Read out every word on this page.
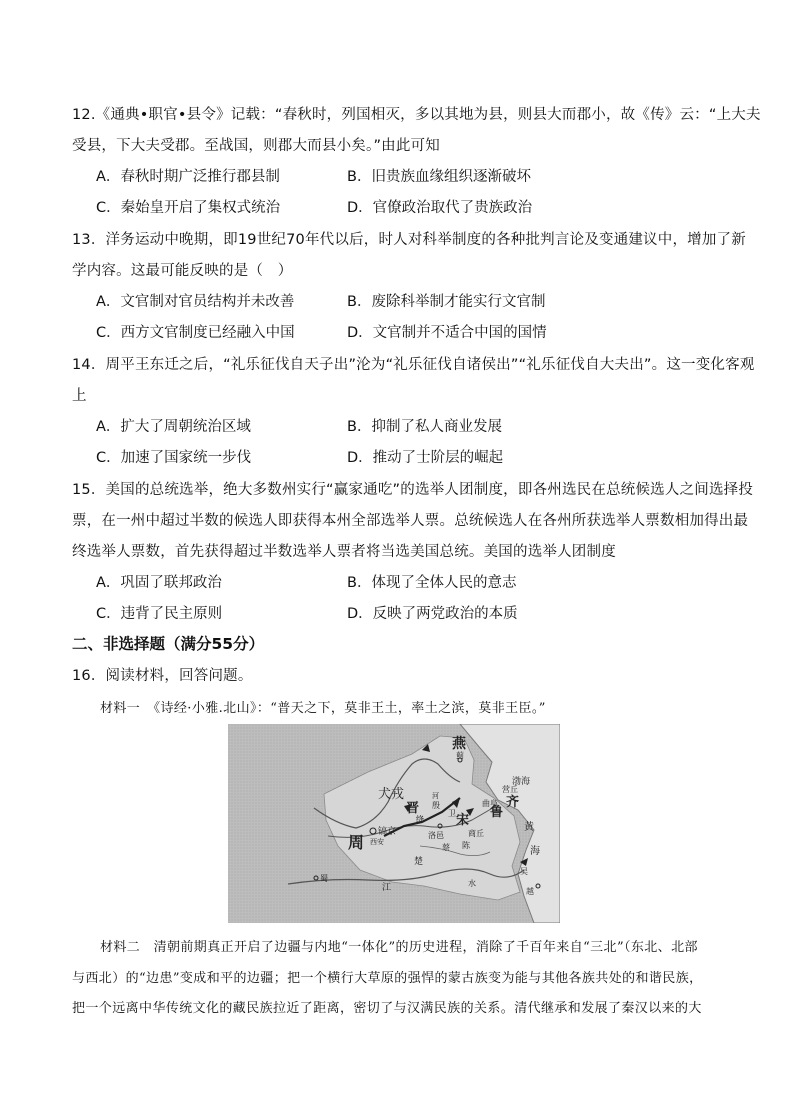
12.《通典•职官•县令》记载：“春秋时，列国相灭，多以其地为县，则县大而郡小，故《传》云：“上大夫
受县，下大夫受郡。至战国，则郡大而县小矣。”由此可知
A．春秋时期广泛推行郡县制	B．旧贵族血缘组织逐渐破坏
C．秦始皇开启了集权式统治	D．官僚政治取代了贵族政治
13．洋务运动中晚期，即19世纪70年代以后，时人对科举制度的各种批判言论及变通建议中，增加了新
学内容。这最可能反映的是（　）
A．文官制对官员结构并未改善	B．废除科举制才能实行文官制
C．西方文官制度已经融入中国	D．文官制并不适合中国的国情
14．周平王东迁之后，“礼乐征伐自天子出”沦为“礼乐征伐自诸侯出”“礼乐征伐自大夫出”。这一变化客观
上
A．扩大了周朝统治区域	B．抑制了私人商业发展
C．加速了国家统一步伐	D．推动了士阶层的崛起
15．美国的总统选举，绝大多数州实行“赢家通吃”的选举人团制度，即各州选民在总统候选人之间选择投
票，在一州中超过半数的候选人即获得本州全部选举人票。总统候选人在各州所获选举人票数相加得出最
终选举人票数，首先获得超过半数选举人票者将当选美国总统。美国的选举人团制度
A．巩固了联邦政治	B．体现了全体人民的意志
C．违背了民主原则	D．反映了两党政治的本质
二、非选择题（满分55分）
16．阅读材料，回答问题。
材料一　《诗经·小雅.北山》：“普天之下，莫非王土，率土之滨，莫非王臣。”
燕
蓟
渤海
犬戎	河
晋
绛
殷
卫
营丘
齐
曲阜
鲁
宋
商丘
周
镐京
西安
洛邑
蔡 陈
黄
海
楚
蜀
江	水
吴
越
材料二　清朝前期真正开启了边疆与内地“一体化”的历史进程，消除了千百年来自“三北”（东北、北部
与西北）的“边患”变成和平的边疆；把一个横行大草原的强悍的蒙古族变为能与其他各族共处的和谐民族，
把一个远离中华传统文化的藏民族拉近了距离，密切了与汉满民族的关系。清代继承和发展了秦汉以来的大
